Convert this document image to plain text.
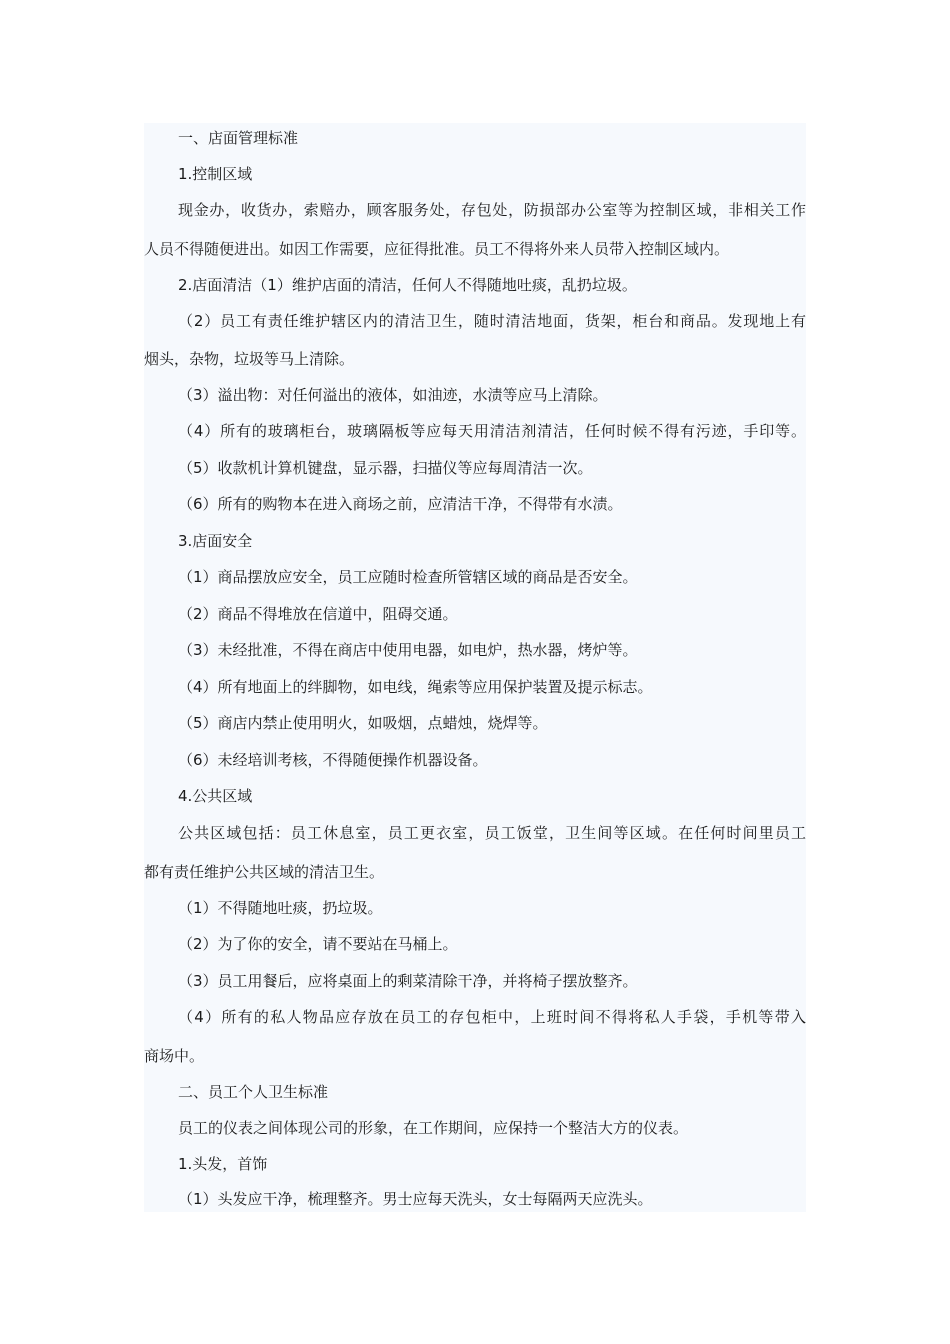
一、店面管理标准
1.控制区域
现金办，收货办，索赔办，顾客服务处，存包处，防损部办公室等为控制区域，非相关工作
人员不得随便进出。如因工作需要，应征得批准。员工不得将外来人员带入控制区域内。
2.店面清洁（1）维护店面的清洁，任何人不得随地吐痰，乱扔垃圾。
（2）员工有责任维护辖区内的清洁卫生，随时清洁地面，货架，柜台和商品。发现地上有
烟头，杂物，垃圾等马上清除。
（3）溢出物：对任何溢出的液体，如油迹，水渍等应马上清除。
（4）所有的玻璃柜台，玻璃隔板等应每天用清洁剂清洁，任何时候不得有污迹，手印等。
（5）收款机计算机键盘，显示器，扫描仪等应每周清洁一次。
（6）所有的购物本在进入商场之前，应清洁干净，不得带有水渍。
3.店面安全
（1）商品摆放应安全，员工应随时检查所管辖区域的商品是否安全。
（2）商品不得堆放在信道中，阻碍交通。
（3）未经批准，不得在商店中使用电器，如电炉，热水器，烤炉等。
（4）所有地面上的绊脚物，如电线，绳索等应用保护装置及提示标志。
（5）商店内禁止使用明火，如吸烟，点蜡烛，烧焊等。
（6）未经培训考核，不得随便操作机器设备。
4.公共区域
公共区域包括：员工休息室，员工更衣室，员工饭堂，卫生间等区域。在任何时间里员工
都有责任维护公共区域的清洁卫生。
（1）不得随地吐痰，扔垃圾。
（2）为了你的安全，请不要站在马桶上。
（3）员工用餐后，应将桌面上的剩菜清除干净，并将椅子摆放整齐。
（4）所有的私人物品应存放在员工的存包柜中，上班时间不得将私人手袋，手机等带入
商场中。
二、员工个人卫生标准
员工的仪表之间体现公司的形象，在工作期间，应保持一个整洁大方的仪表。
1.头发，首饰
（1）头发应干净，梳理整齐。男士应每天洗头，女士每隔两天应洗头。
